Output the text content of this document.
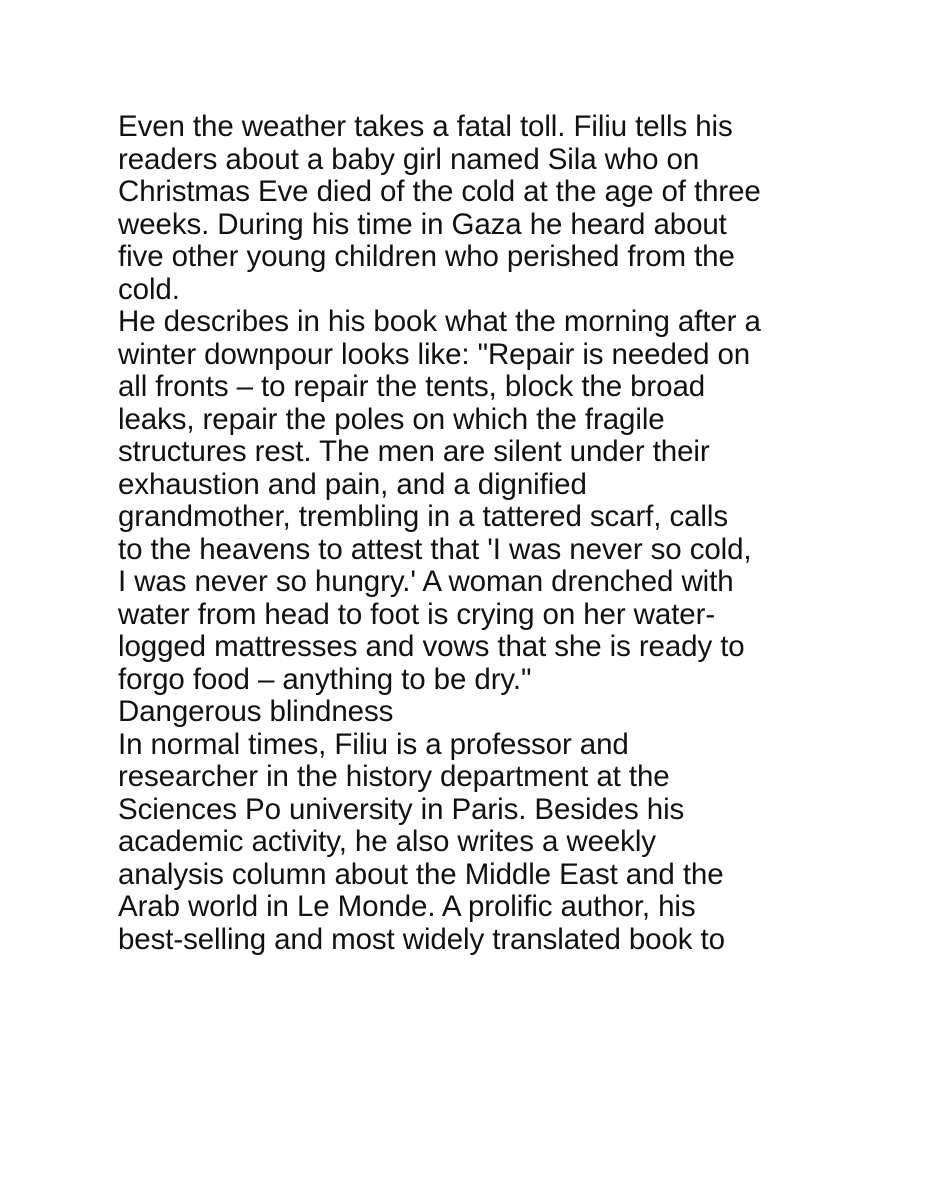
Even the weather takes a fatal toll. Filiu tells his
readers about a baby girl named Sila who on
Christmas Eve died of the cold at the age of three
weeks. During his time in Gaza he heard about
five other young children who perished from the
cold.
He describes in his book what the morning after a
winter downpour looks like: "Repair is needed on
all fronts – to repair the tents, block the broad
leaks, repair the poles on which the fragile
structures rest. The men are silent under their
exhaustion and pain, and a dignified
grandmother, trembling in a tattered scarf, calls
to the heavens to attest that 'I was never so cold,
I was never so hungry.' A woman drenched with
water from head to foot is crying on her water-
logged mattresses and vows that she is ready to
forgo food – anything to be dry."
Dangerous blindness
In normal times, Filiu is a professor and
researcher in the history department at the
Sciences Po university in Paris. Besides his
academic activity, he also writes a weekly
analysis column about the Middle East and the
Arab world in Le Monde. A prolific author, his
best-selling and most widely translated book to
